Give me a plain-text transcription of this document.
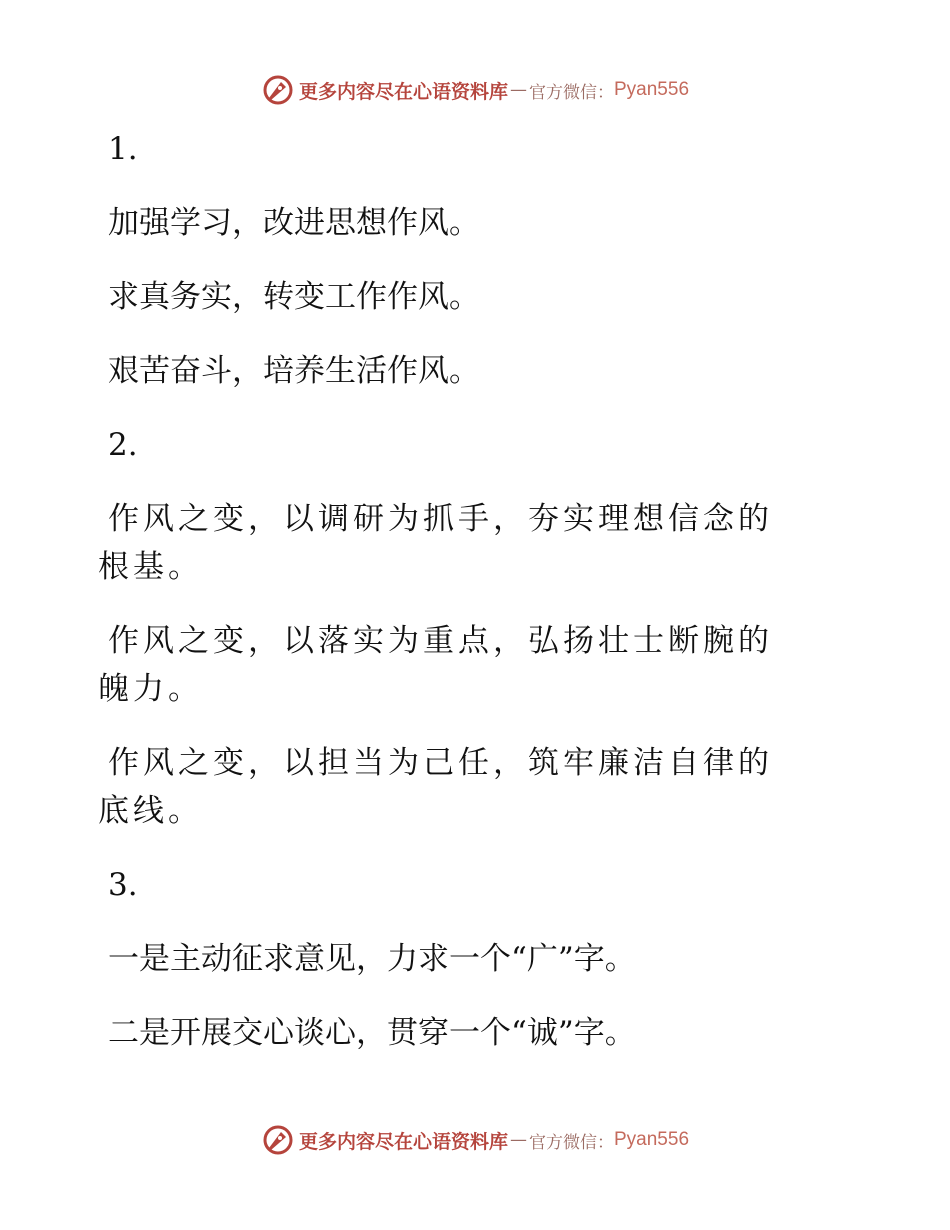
更多内容尽在心语资料库 — 官方微信： Pyan556

1.

加强学习，改进思想作风。

求真务实，转变工作作风。

艰苦奋斗，培养生活作风。

2.

作风之变，以调研为抓手，夯实理想信念的根基。

作风之变，以落实为重点，弘扬壮士断腕的魄力。

作风之变，以担当为己任，筑牢廉洁自律的底线。

3.

一是主动征求意见，力求一个“广”字。

二是开展交心谈心，贯穿一个“诚”字。

更多内容尽在心语资料库 — 官方微信： Pyan556
